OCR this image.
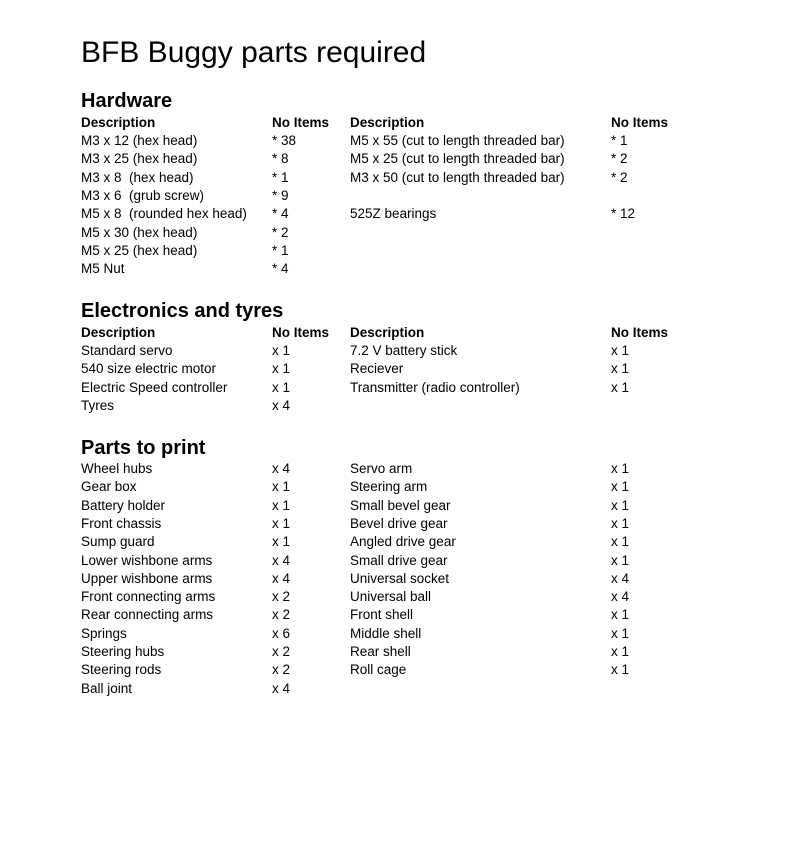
BFB Buggy parts required
Hardware
Description	No Items Description	No Items
M3 x 12 (hex head)	* 38	M5 x 55 (cut to length threaded bar)	* 1
M3 x 25 (hex head)	* 8	M5 x 25 (cut to length threaded bar)	* 2
M3 x 8  (hex head)	* 1	M3 x 50 (cut to length threaded bar)	* 2
M3 x 6  (grub screw)	* 9
M5 x 8  (rounded hex head) * 4	525Z bearings	* 12
M5 x 30 (hex head)	* 2
M5 x 25 (hex head)	* 1
M5 Nut	* 4
Electronics and tyres
Description	No Items Description	No Items
Standard servo	x 1	7.2 V battery stick	x 1
540 size electric motor	x 1	Reciever	x 1
Electric Speed controller	x 1	Transmitter (radio controller)	x 1
Tyres	x 4
Parts to print
Wheel hubs	x 4	Servo arm	x 1
Gear box	x 1	Steering arm	x 1
Battery holder	x 1	Small bevel gear	x 1
Front chassis	x 1	Bevel drive gear	x 1
Sump guard	x 1	Angled drive gear	x 1
Lower wishbone arms	x 4	Small drive gear	x 1
Upper wishbone arms	x 4	Universal socket	x 4
Front connecting arms	x 2	Universal ball	x 4
Rear connecting arms	x 2	Front shell	x 1
Springs	x 6	Middle shell	x 1
Steering hubs	x 2	Rear shell	x 1
Steering rods	x 2	Roll cage	x 1
Ball joint	x 4
